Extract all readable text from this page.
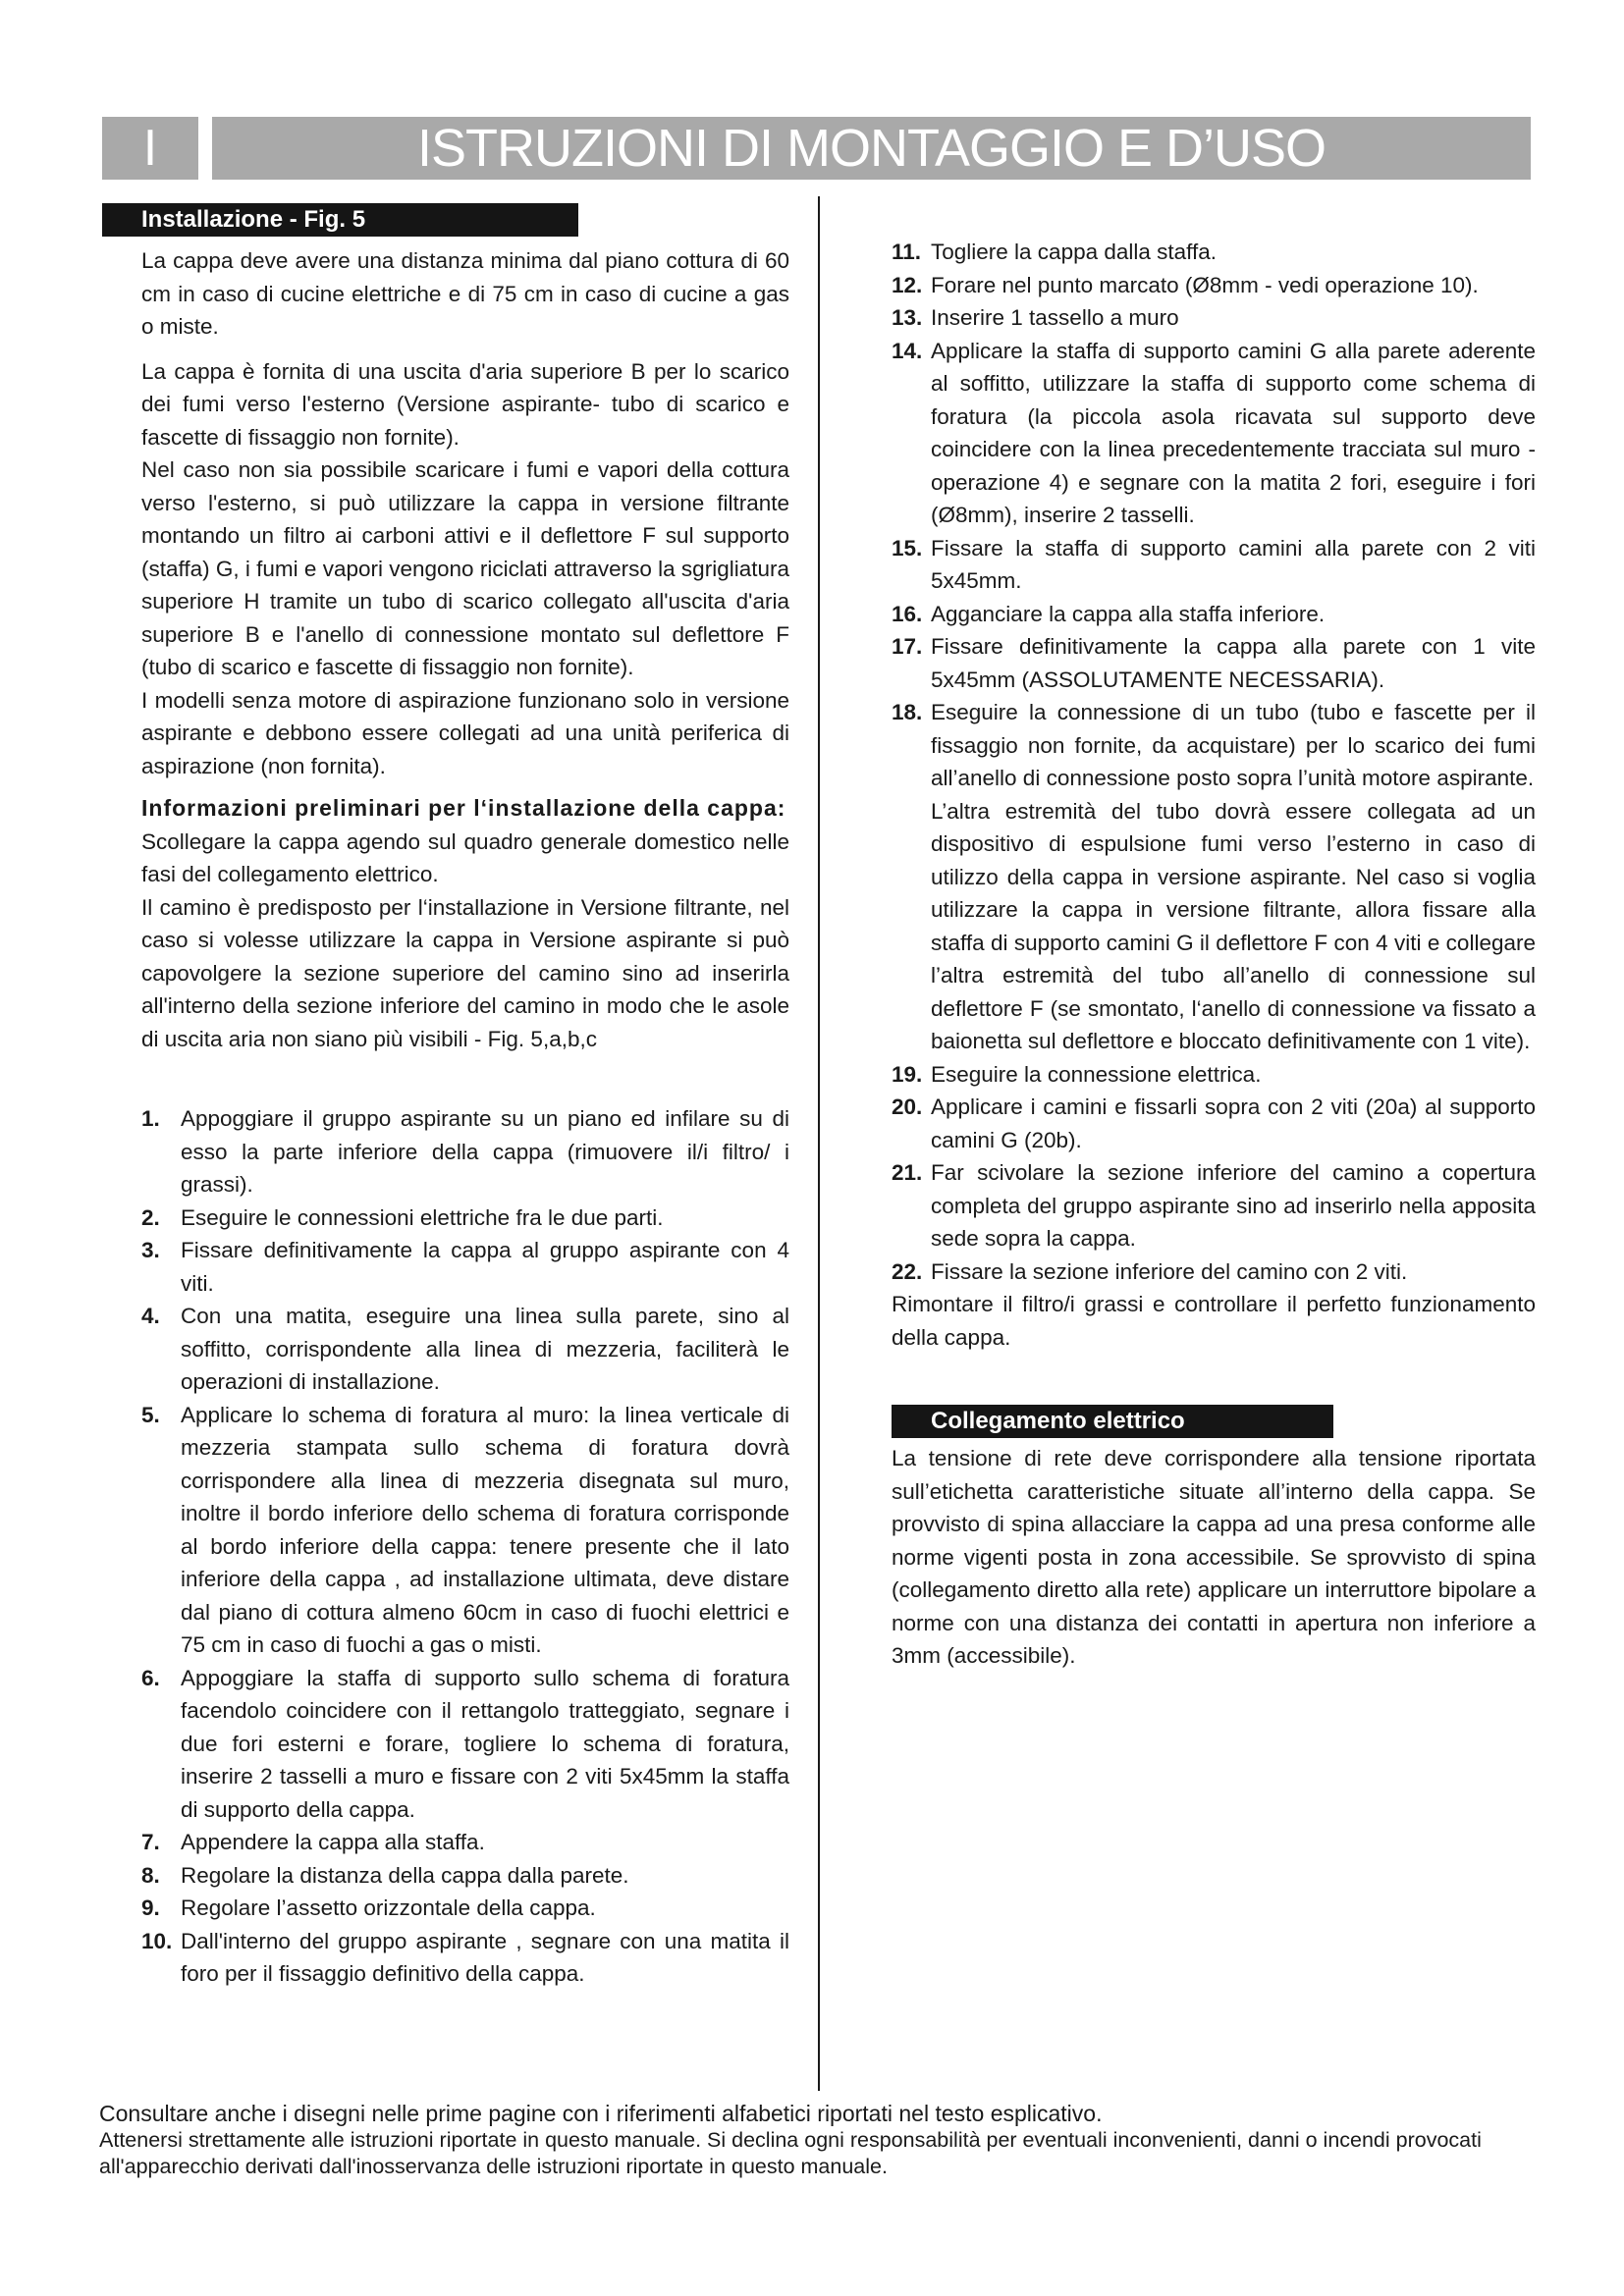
I	ISTRUZIONI DI MONTAGGIO E D’USO
Installazione - Fig. 5

La cappa deve avere una distanza minima dal piano cottura di 60 cm in caso di cucine elettriche e di 75 cm in caso di cucine a gas o miste.

La cappa è fornita di una uscita d'aria superiore B per lo scarico dei fumi verso l'esterno (Versione aspirante- tubo di scarico e fascette di fissaggio non fornite).

Nel caso non sia possibile scaricare i fumi e vapori della cottura verso l'esterno, si può utilizzare la cappa in versione filtrante montando un filtro ai carboni attivi e il deflettore F sul supporto (staffa) G, i fumi e vapori vengono riciclati attraverso la sgrigliatura superiore H tramite un tubo di scarico collegato all'uscita d'aria superiore B e l'anello di connessione montato sul deflettore F (tubo di scarico e fascette di fissaggio non fornite).

I modelli senza motore di aspirazione funzionano solo in versione aspirante e debbono essere collegati ad una unità periferica di aspirazione (non fornita).

Informazioni preliminari per l‘installazione della cappa:

Scollegare la cappa agendo sul quadro generale domestico nelle fasi del collegamento elettrico.

Il camino è predisposto per l‘installazione in Versione filtrante, nel caso si volesse utilizzare la cappa in Versione aspirante si può capovolgere la sezione superiore del camino sino ad inserirla all'interno della sezione inferiore del camino in modo che le asole di uscita aria non siano più visibili - Fig. 5,a,b,c

1. Appoggiare il gruppo aspirante su un piano ed infilare su di esso la parte inferiore della cappa (rimuovere il/i filtro/ i grassi).
2. Eseguire le connessioni elettriche fra le due parti.
3. Fissare definitivamente la cappa al gruppo aspirante con 4 viti.
4. Con una matita, eseguire una linea sulla parete, sino al soffitto, corrispondente alla linea di mezzeria, faciliterà le operazioni di installazione.
5. Applicare lo schema di foratura al muro: la linea verticale di mezzeria stampata sullo schema di foratura dovrà corrispondere alla linea di mezzeria disegnata sul muro, inoltre il bordo inferiore dello schema di foratura corrisponde al bordo inferiore della cappa: tenere presente che il lato inferiore della cappa , ad installazione ultimata, deve distare dal piano di cottura almeno 60cm in caso di fuochi elettrici e 75 cm in caso di fuochi a gas o misti.
6. Appoggiare la staffa di supporto sullo schema di foratura facendolo coincidere con il rettangolo tratteggiato, segnare i due fori esterni e forare, togliere lo schema di foratura, inserire 2 tasselli a muro e fissare con 2 viti 5x45mm la staffa di supporto della cappa.
7. Appendere la cappa alla staffa.
8. Regolare la distanza della cappa dalla parete.
9. Regolare l’assetto orizzontale della cappa.
10. Dall'interno del gruppo aspirante , segnare con una matita il foro per il fissaggio definitivo della cappa.
11. Togliere la cappa dalla staffa.
12. Forare nel punto marcato (Ø8mm - vedi operazione 10).
13. Inserire 1 tassello a muro
14. Applicare la staffa di supporto camini G alla parete aderente al soffitto, utilizzare la staffa di supporto come schema di foratura (la piccola asola ricavata sul supporto deve coincidere con la linea precedentemente tracciata sul muro - operazione 4) e segnare con la matita 2 fori, eseguire i fori (Ø8mm), inserire 2 tasselli.
15. Fissare la staffa di supporto camini alla parete con 2 viti 5x45mm.
16. Agganciare la cappa alla staffa inferiore.
17. Fissare definitivamente la cappa alla parete con 1 vite 5x45mm (ASSOLUTAMENTE NECESSARIA).
18. Eseguire la connessione di un tubo (tubo e fascette per il fissaggio non fornite, da acquistare) per lo scarico dei fumi all’anello di connessione posto sopra l’unità motore aspirante.
L’altra estremità del tubo dovrà essere collegata ad un dispositivo di espulsione fumi verso l’esterno in caso di utilizzo della cappa in versione aspirante. Nel caso si voglia utilizzare la cappa in versione filtrante, allora fissare alla staffa di supporto camini G il deflettore F con 4 viti e collegare l’altra estremità del tubo all’anello di connessione sul deflettore F (se smontato, l‘anello di connessione va fissato a baionetta sul deflettore e bloccato definitivamente con 1 vite).
19. Eseguire la connessione elettrica.
20. Applicare i camini e fissarli sopra con 2 viti (20a) al supporto camini G (20b).
21. Far scivolare la sezione inferiore del camino a copertura completa del gruppo aspirante sino ad inserirlo nella apposita sede sopra la cappa.
22. Fissare la sezione inferiore del camino con 2 viti.
Rimontare il filtro/i grassi e controllare il perfetto funzionamento della cappa.
Collegamento elettrico
La tensione di rete deve corrispondere alla tensione riportata sull’etichetta caratteristiche situate all’interno della cappa. Se provvisto di spina allacciare la cappa ad una presa conforme alle norme vigenti posta in zona accessibile. Se sprovvisto di spina (collegamento diretto alla rete) applicare un interruttore bipolare a norme con una distanza dei contatti in apertura non inferiore a 3mm (accessibile).
Consultare anche i disegni nelle prime pagine con i riferimenti alfabetici riportati nel testo esplicativo.
Attenersi strettamente alle istruzioni riportate in questo manuale. Si declina ogni responsabilità per eventuali inconvenienti, danni o incendi provocati all'apparecchio derivati dall'inosservanza delle istruzioni riportate in questo manuale.
